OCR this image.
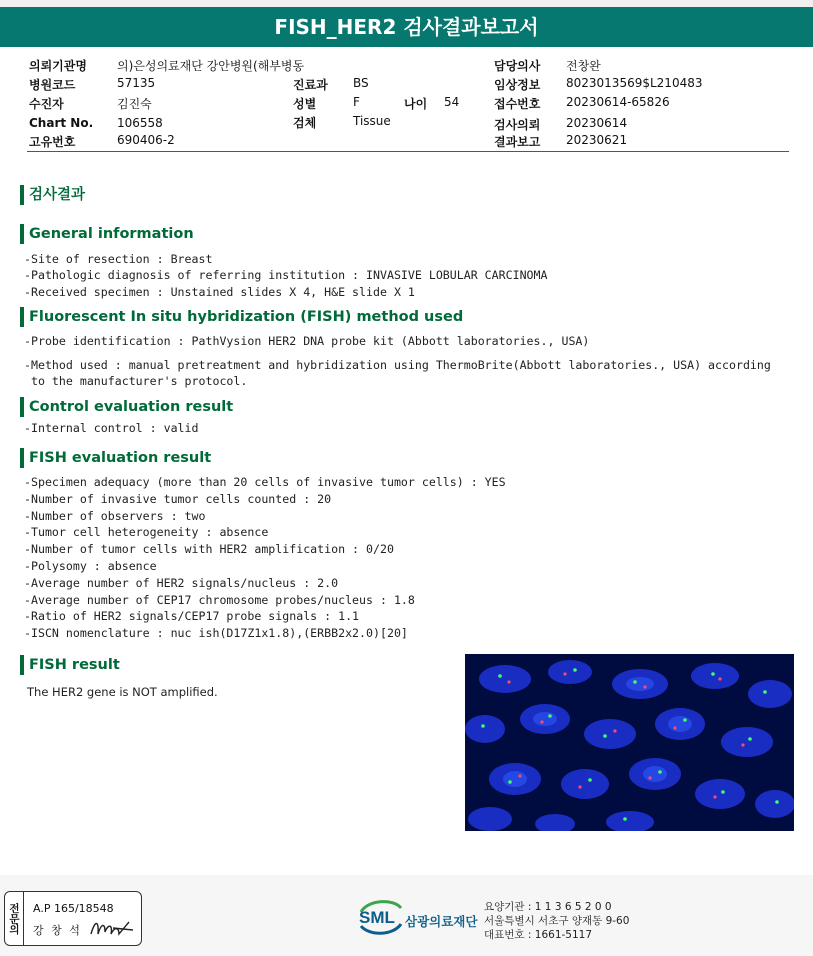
FISH_HER2 검사결과보고서
의뢰기관명	의)은성의료재단 강안병원(해부병동
병원코드	57135
수진자	김진숙
Chart No. 106558
고유번호	690406-2
진료과 BS
성별	F	나이 54
검체	Tissue
담당의사 전창완
임상정보 8023013569$L210483
접수번호 20230614-65826
검사의뢰 20230614
결과보고 20230621
검사결과
General information
-Site of resection : Breast
-Pathologic diagnosis of referring institution : INVASIVE LOBULAR CARCINOMA
-Received specimen : Unstained slides X 4, H&E slide X 1
Fluorescent In situ hybridization (FISH) method used
-Probe identification : PathVysion HER2 DNA probe kit (Abbott laboratories., USA)
-Method used : manual pretreatment and hybridization using ThermoBrite(Abbott laboratories., USA) according
to the manufacturer's protocol.
Control evaluation result
-Internal control : valid
FISH evaluation result
-Specimen adequacy (more than 20 cells of invasive tumor cells) : YES
-Number of invasive tumor cells counted : 20
-Number of observers : two
-Tumor cell heterogeneity : absence
-Number of tumor cells with HER2 amplification : 0/20
-Polysomy : absence
-Average number of HER2 signals/nucleus : 2.0
-Average number of CEP17 chromosome probes/nucleus : 1.8
-Ratio of HER2 signals/CEP17 probe signals : 1.1
-ISCN nomenclature : nuc ish(D17Z1x1.8),(ERBB2x2.0)[20]
FISH result
The HER2 gene is NOT amplified.
전문의	A.P 165/18548
강 창 석
SML 삼광의료재단
요양기관 : 1 1 3 6 5 2 0 0
서울특별시 서초구 양재동 9-60
대표번호 : 1661-5117
